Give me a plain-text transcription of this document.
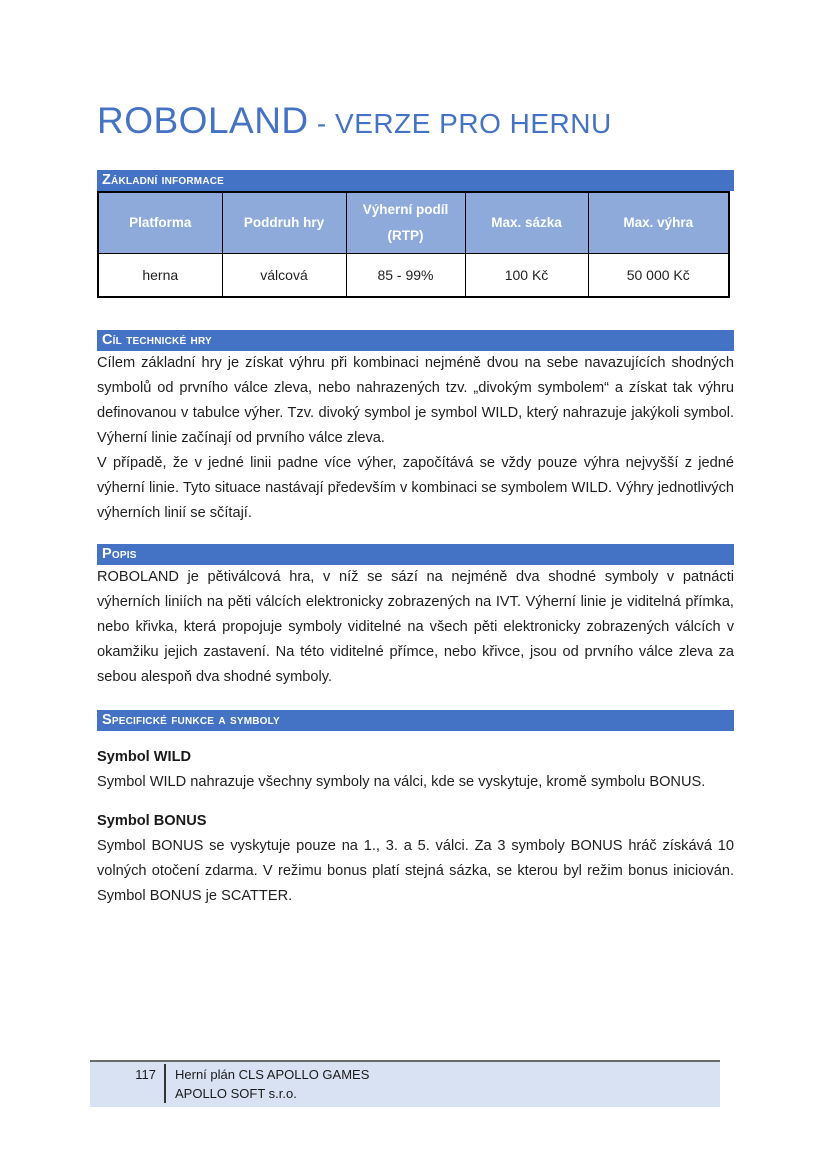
ROBOLAND - VERZE PRO HERNU
Základní informace
Platforma	Poddruh hry	Výherní podíl (RTP)	Max. sázka	Max. výhra
herna	válcová	85 - 99%	100 Kč	50 000 Kč
Cíl technické hry

Cílem základní hry je získat výhru při kombinaci nejméně dvou na sebe navazujících shodných symbolů od prvního válce zleva, nebo nahrazených tzv. „divokým symbolem“ a získat tak výhru definovanou v tabulce výher. Tzv. divoký symbol je symbol WILD, který nahrazuje jakýkoli symbol. Výherní linie začínají od prvního válce zleva.

V případě, že v jedné linii padne více výher, započítává se vždy pouze výhra nejvyšší z jedné výherní linie. Tyto situace nastávají především v kombinaci se symbolem WILD. Výhry jednotlivých výherních linií se sčítají.

Popis

ROBOLAND je pětiválcová hra, v níž se sází na nejméně dva shodné symboly v patnácti výherních liniích na pěti válcích elektronicky zobrazených na IVT. Výherní linie je viditelná přímka, nebo křivka, která propojuje symboly viditelné na všech pěti elektronicky zobrazených válcích v okamžiku jejich zastavení. Na této viditelné přímce, nebo křivce, jsou od prvního válce zleva za sebou alespoň dva shodné symboly.

Specifické funkce a symboly
Symbol WILD

Symbol WILD nahrazuje všechny symboly na válci, kde se vyskytuje, kromě symbolu BONUS.

Symbol BONUS

Symbol BONUS se vyskytuje pouze na 1., 3. a 5. válci. Za 3 symboly BONUS hráč získává 10 volných otočení zdarma. V režimu bonus platí stejná sázka, se kterou byl režim bonus iniciován. Symbol BONUS je SCATTER.

117	Herní plán CLS APOLLO GAMES
APOLLO SOFT s.r.o.
